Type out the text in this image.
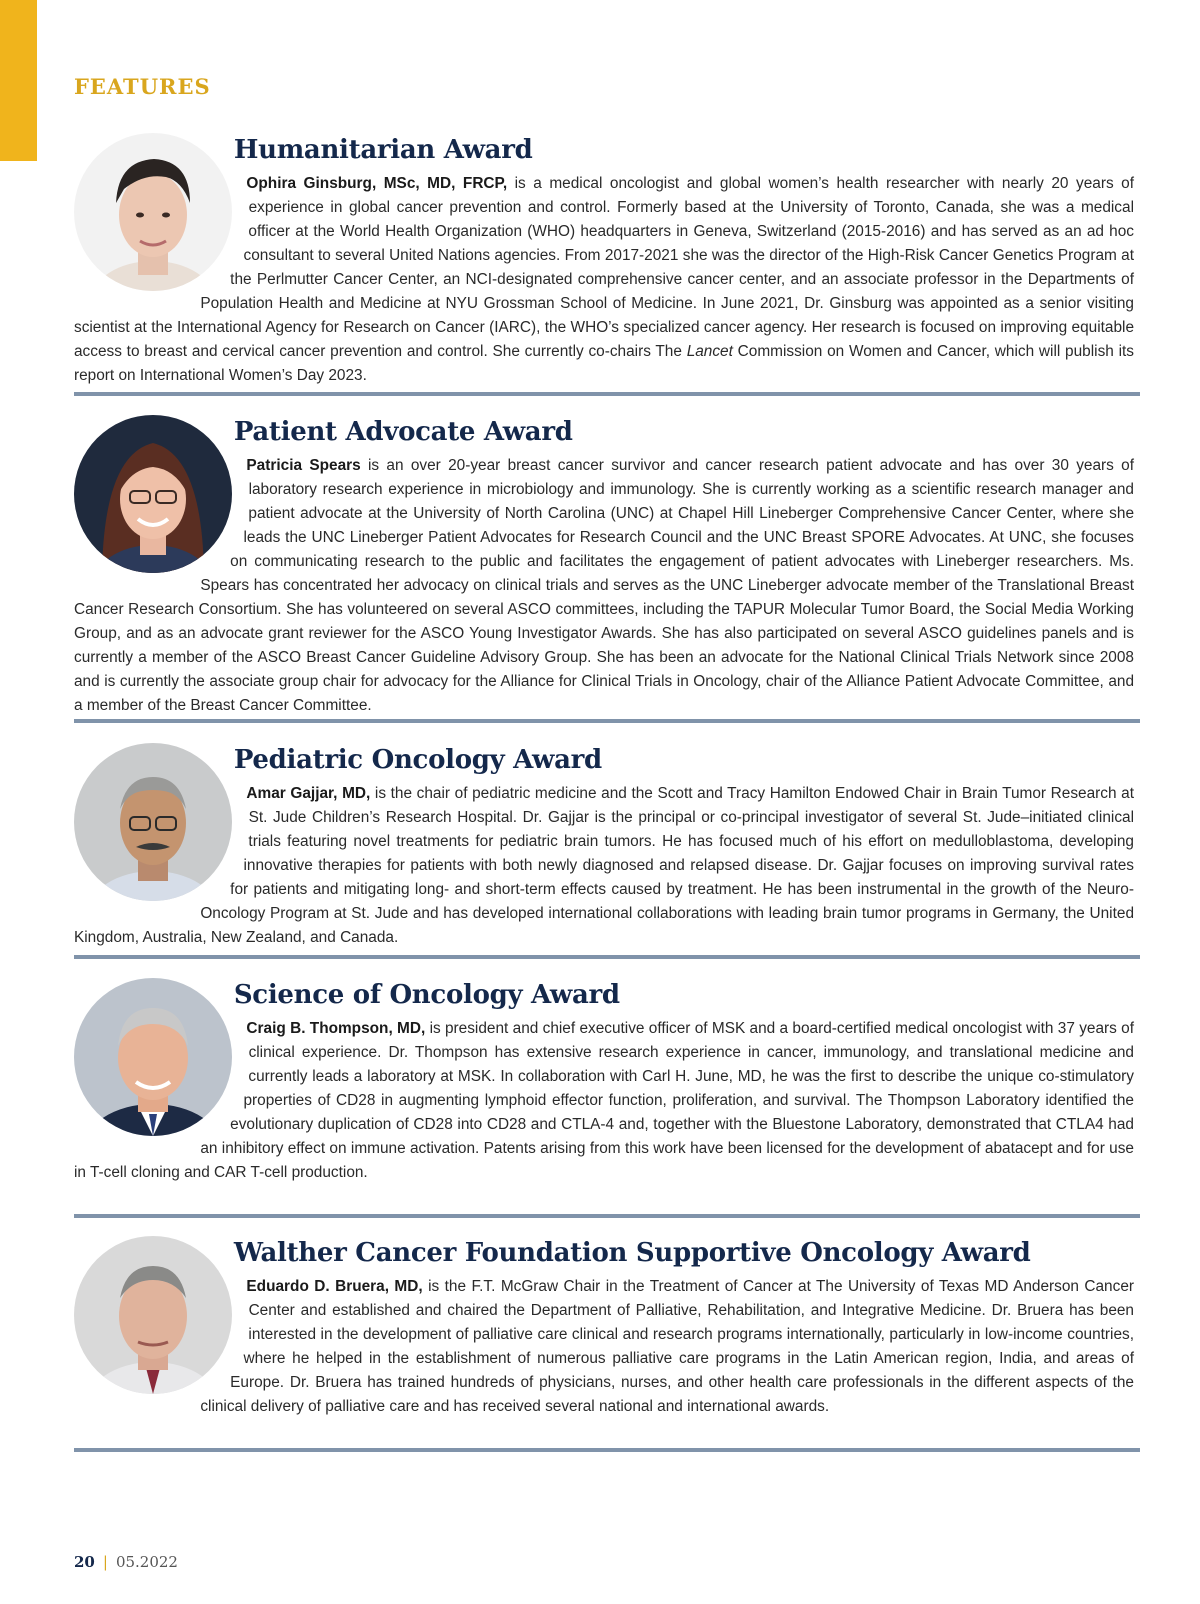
FEATURES
Humanitarian Award

Ophira Ginsburg, MSc, MD, FRCP, is a medical oncologist and global women’s health researcher with nearly 20 years of experience in global cancer prevention and control. Formerly based at the University of Toronto, Canada, she was a medical officer at the World Health Organization (WHO) headquarters in Geneva, Switzerland (2015-2016) and has served as an ad hoc consultant to several United Nations agencies. From 2017-2021 she was the director of the High-Risk Cancer Genetics Program at the Perlmutter Cancer Center, an NCI-designated comprehensive cancer center, and an associate professor in the Departments of Population Health and Medicine at NYU Grossman School of Medicine. In June 2021, Dr. Ginsburg was appointed as a senior visiting scientist at the International Agency for Research on Cancer (IARC), the WHO’s specialized cancer agency. Her research is focused on improving equitable access to breast and cervical cancer prevention and control. She currently co-chairs The Lancet Commission on Women and Cancer, which will publish its report on International Women’s Day 2023.

Patient Advocate Award

Patricia Spears is an over 20-year breast cancer survivor and cancer research patient advocate and has over 30 years of laboratory research experience in microbiology and immunology. She is currently working as a scientific research manager and patient advocate at the University of North Carolina (UNC) at Chapel Hill Lineberger Comprehensive Cancer Center, where she leads the UNC Lineberger Patient Advocates for Research Council and the UNC Breast SPORE Advocates. At UNC, she focuses on communicating research to the public and facilitates the engagement of patient advocates with Lineberger researchers. Ms. Spears has concentrated her advocacy on clinical trials and serves as the UNC Lineberger advocate member of the Translational Breast Cancer Research Consortium. She has volunteered on several ASCO committees, including the TAPUR Molecular Tumor Board, the Social Media Working Group, and as an advocate grant reviewer for the ASCO Young Investigator Awards. She has also participated on several ASCO guidelines panels and is currently a member of the ASCO Breast Cancer Guideline Advisory Group. She has been an advocate for the National Clinical Trials Network since 2008 and is currently the associate group chair for advocacy for the Alliance for Clinical Trials in Oncology, chair of the Alliance Patient Advocate Committee, and a member of the Breast Cancer Committee.

Pediatric Oncology Award

Amar Gajjar, MD, is the chair of pediatric medicine and the Scott and Tracy Hamilton Endowed Chair in Brain Tumor Research at St. Jude Children’s Research Hospital. Dr. Gajjar is the principal or co-principal investigator of several St. Jude–initiated clinical trials featuring novel treatments for pediatric brain tumors. He has focused much of his effort on medulloblastoma, developing innovative therapies for patients with both newly diagnosed and relapsed disease. Dr. Gajjar focuses on improving survival rates for patients and mitigating long- and short-term effects caused by treatment. He has been instrumental in the growth of the Neuro-Oncology Program at St. Jude and has developed international collaborations with leading brain tumor programs in Germany, the United Kingdom, Australia, New Zealand, and Canada.

Science of Oncology Award

Craig B. Thompson, MD, is president and chief executive officer of MSK and a board-certified medical oncologist with 37 years of clinical experience. Dr. Thompson has extensive research experience in cancer, immunology, and translational medicine and currently leads a laboratory at MSK. In collaboration with Carl H. June, MD, he was the first to describe the unique co-stimulatory properties of CD28 in augmenting lymphoid effector function, proliferation, and survival. The Thompson Laboratory identified the evolutionary duplication of CD28 into CD28 and CTLA-4 and, together with the Bluestone Laboratory, demonstrated that CTLA4 had an inhibitory effect on immune activation. Patents arising from this work have been licensed for the development of abatacept and for use in T-cell cloning and CAR T-cell production.

Walther Cancer Foundation Supportive Oncology Award

Eduardo D. Bruera, MD, is the F.T. McGraw Chair in the Treatment of Cancer at The University of Texas MD Anderson Cancer Center and established and chaired the Department of Palliative, Rehabilitation, and Integrative Medicine. Dr. Bruera has been interested in the development of palliative care clinical and research programs internationally, particularly in low-income countries, where he helped in the establishment of numerous palliative care programs in the Latin American region, India, and areas of Europe. Dr. Bruera has trained hundreds of physicians, nurses, and other health care professionals in the different aspects of the clinical delivery of palliative care and has received several national and international awards.

20 | 05.2022
